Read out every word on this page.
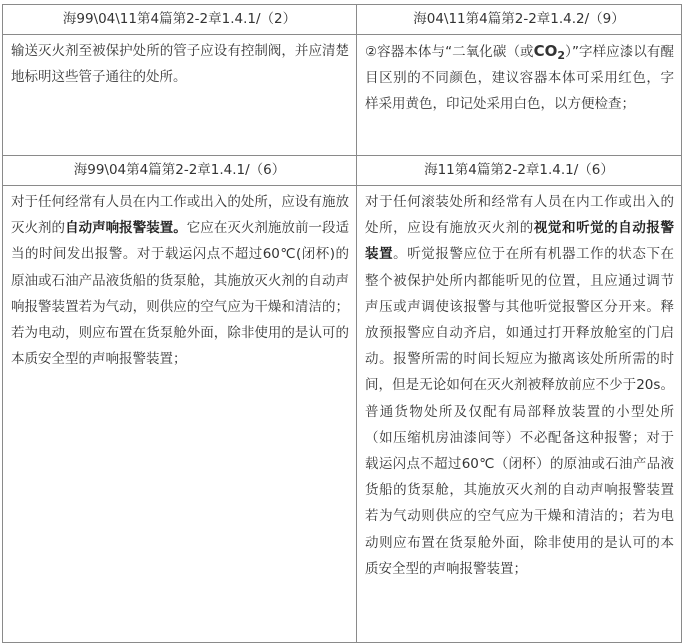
海99\04\11第4篇第2-2章1.4.1/（2）	海04\11第4篇第2-2章1.4.2/（9）

输送灭火剂至被保护处所的管子应设有控制阀，并应清楚地标明这些管子通往的处所。	②容器本体与“二氧化碳（或$CO_2$）”字样应漆以有醒目区别的不同颜色，建议容器本体可采用红色，字样采用黄色，印记处采用白色，以方便检查；

海99\04第4篇第2-2章1.4.1/（6）	海11第4篇第2-2章1.4.1/（6）

对于任何经常有人员在内工作或出入的处所，应设有施放灭火剂的自动声响报警装置。它应在灭火剂施放前一段适当的时间发出报警。对于载运闪点不超过60℃(闭杯)的原油或石油产品液货船的货泵舱，其施放灭火剂的自动声响报警装置若为气动，则供应的空气应为干燥和清洁的；若为电动，则应布置在货泵舱外面，除非使用的是认可的本质安全型的声响报警装置；	对于任何滚装处所和经常有人员在内工作或出入的处所，应设有施放灭火剂的视觉和听觉的自动报警装置。听觉报警应位于在所有机器工作的状态下在整个被保护处所内都能听见的位置，且应通过调节声压或声调使该报警与其他听觉报警区分开来。释放预报警应自动齐启，如通过打开释放舱室的门启动。报警所需的时间长短应为撤离该处所所需的时间，但是无论如何在灭火剂被释放前应不少于20s。普通货物处所及仅配有局部释放装置的小型处所（如压缩机房油漆间等）不必配备这种报警；对于载运闪点不超过60℃（闭杯）的原油或石油产品液货船的货泵舱，其施放灭火剂的自动声响报警装置若为气动则供应的空气应为干燥和清洁的；若为电动则应布置在货泵舱外面，除非使用的是认可的本质安全型的声响报警装置；
